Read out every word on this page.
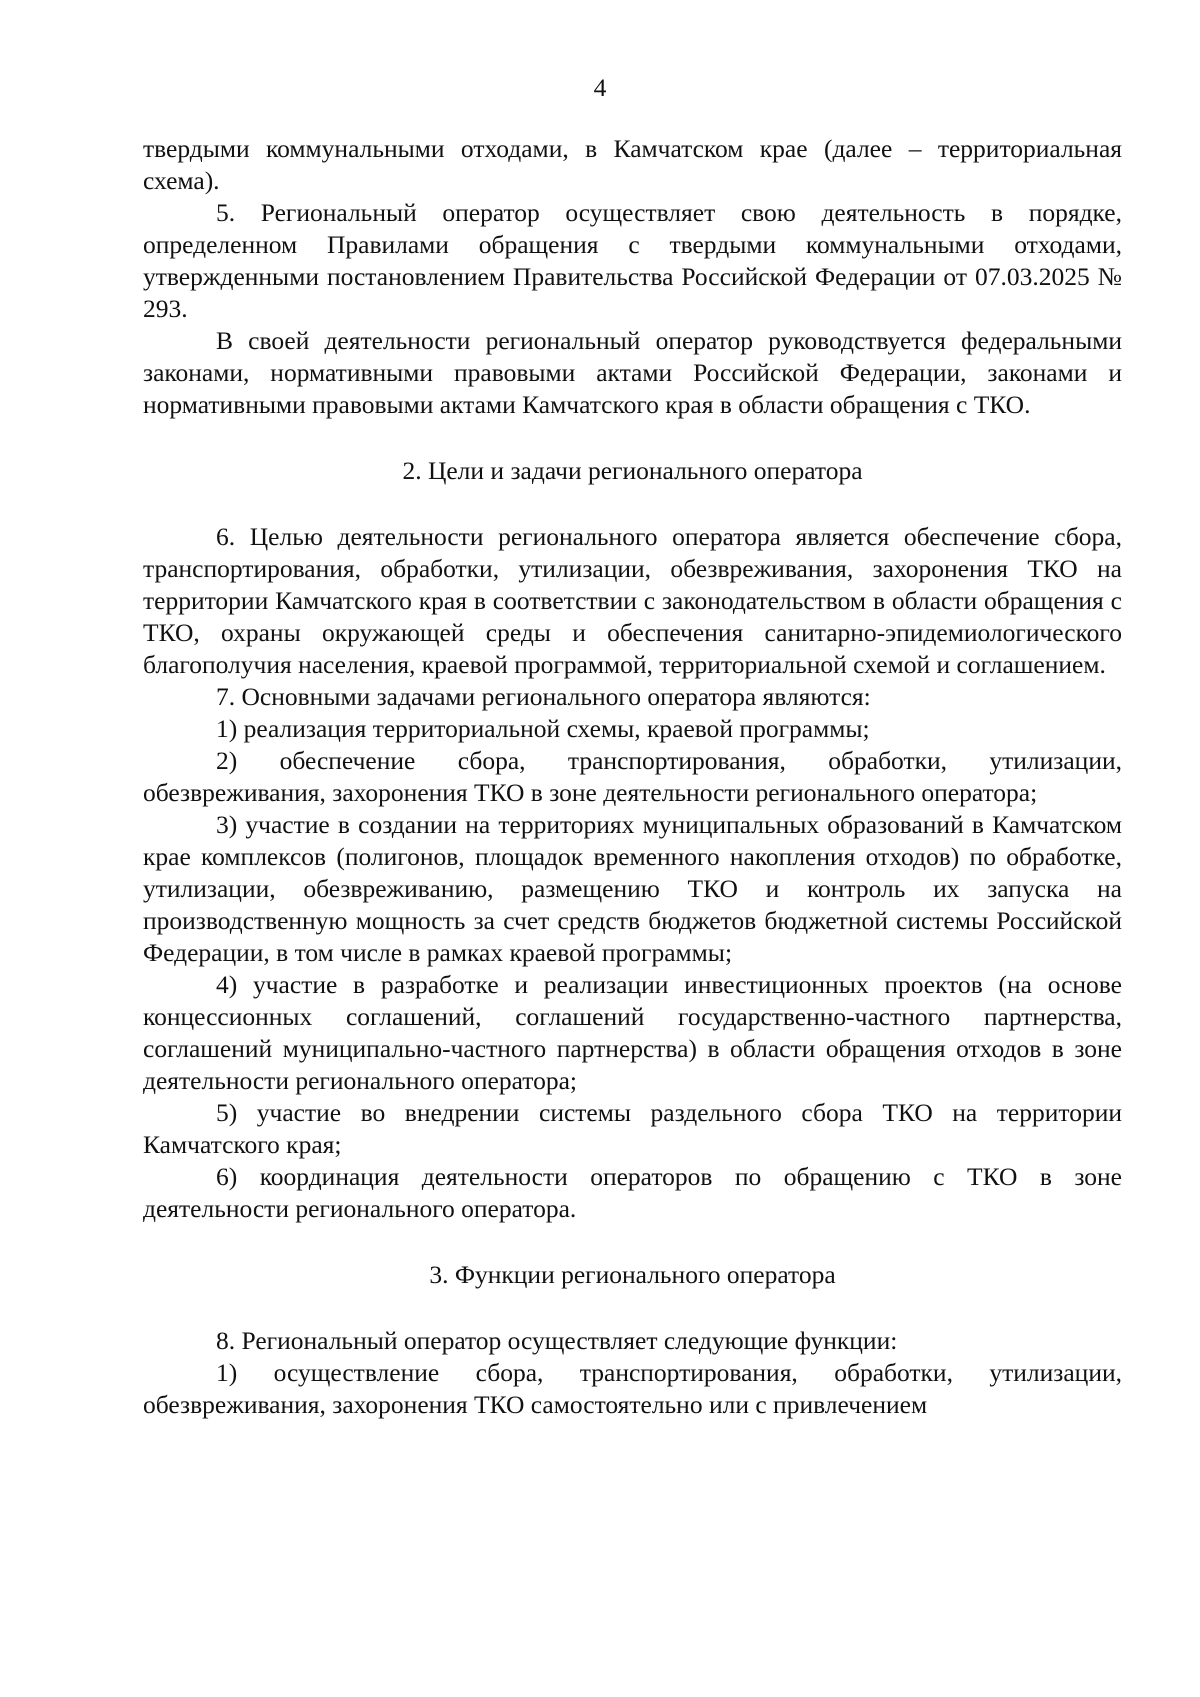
4

твердыми коммунальными отходами, в Камчатском крае (далее – территориальная схема).

5. Региональный оператор осуществляет свою деятельность в порядке, определенном Правилами обращения с твердыми коммунальными отходами, утвержденными постановлением Правительства Российской Федерации от 07.03.2025 № 293.

В своей деятельности региональный оператор руководствуется федеральными законами, нормативными правовыми актами Российской Федерации, законами и нормативными правовыми актами Камчатского края в области обращения с ТКО.

2. Цели и задачи регионального оператора

6. Целью деятельности регионального оператора является обеспечение сбора, транспортирования, обработки, утилизации, обезвреживания, захоронения ТКО на территории Камчатского края в соответствии с законодательством в области обращения с ТКО, охраны окружающей среды и обеспечения санитарно-эпидемиологического благополучия населения, краевой программой, территориальной схемой и соглашением.

7. Основными задачами регионального оператора являются:

1) реализация территориальной схемы, краевой программы;

2) обеспечение сбора, транспортирования, обработки, утилизации, обезвреживания, захоронения ТКО в зоне деятельности регионального оператора;

3) участие в создании на территориях муниципальных образований в Камчатском крае комплексов (полигонов, площадок временного накопления отходов) по обработке, утилизации, обезвреживанию, размещению ТКО и контроль их запуска на производственную мощность за счет средств бюджетов бюджетной системы Российской Федерации, в том числе в рамках краевой программы;

4) участие в разработке и реализации инвестиционных проектов (на основе концессионных соглашений, соглашений государственно-частного партнерства, соглашений муниципально-частного партнерства) в области обращения отходов в зоне деятельности регионального оператора;

5) участие во внедрении системы раздельного сбора ТКО на территории Камчатского края;

6) координация деятельности операторов по обращению с ТКО в зоне деятельности регионального оператора.

3. Функции регионального оператора

8. Региональный оператор осуществляет следующие функции:

1) осуществление сбора, транспортирования, обработки, утилизации, обезвреживания, захоронения ТКО самостоятельно или с привлечением
